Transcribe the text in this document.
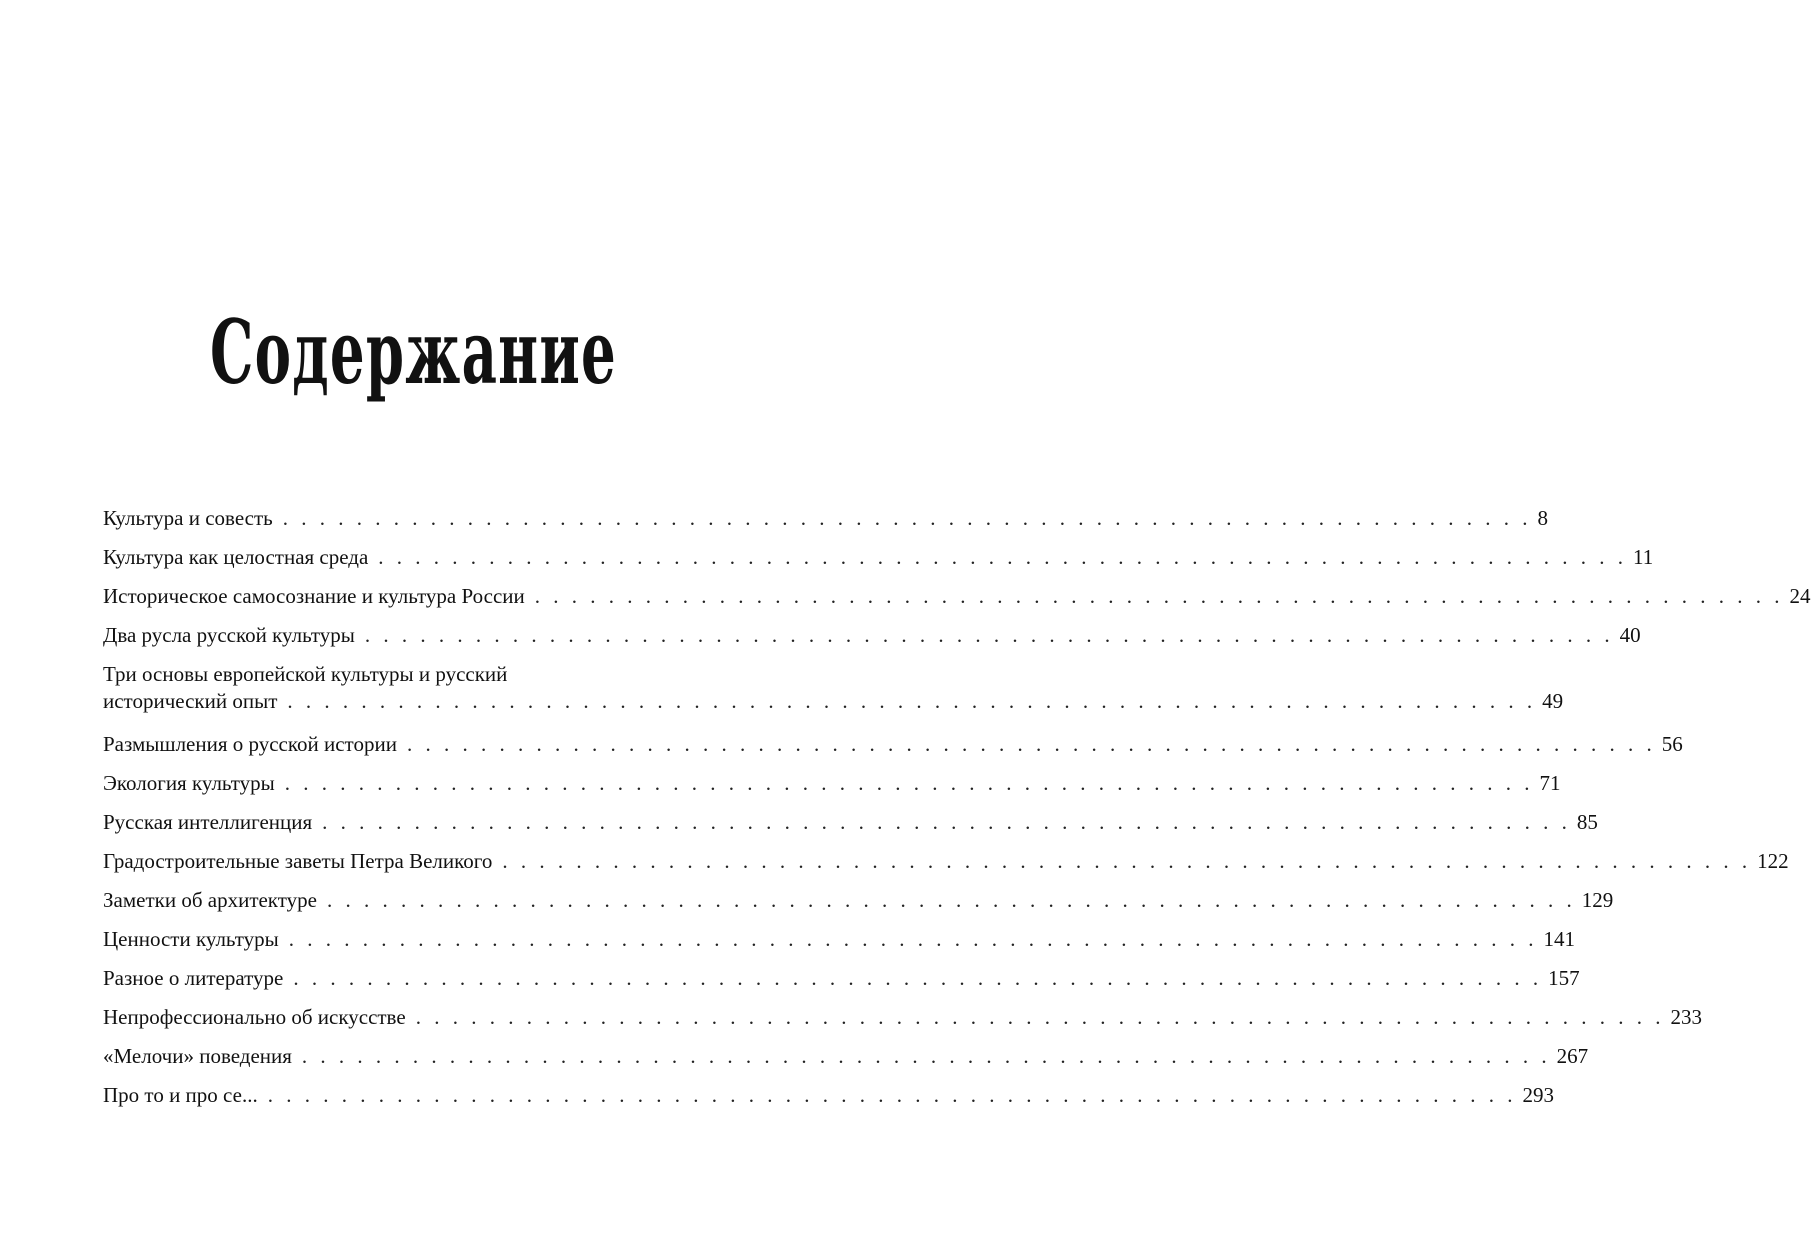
Содержание
Культура и совесть . . . . . . . . . . . . . . . . . . . . . . . . . . . . . . . . . . . . . . . . . . . . . . . . . . . . . . . . . . . . . . . . . . . . 8
Культура как целостная среда . . . . . . . . . . . . . . . . . . . . . . . . . . . . . . . . . . . . . . . . . . . . . . . . . . . . . . . . . . . . . . . . . . . . 11
Историческое самосознание и культура России . . . . . . . . . . . . . . . . . . . . . . . . . . . . . . . . . . . . . . . . . . . . . . . . . . . . . . . . . . . . . . . . . . . . 24
Два русла русской культуры . . . . . . . . . . . . . . . . . . . . . . . . . . . . . . . . . . . . . . . . . . . . . . . . . . . . . . . . . . . . . . . . . . . . 40
Три основы европейской культуры и русский
исторический опыт . . . . . . . . . . . . . . . . . . . . . . . . . . . . . . . . . . . . . . . . . . . . . . . . . . . . . . . . . . . . . . . . . . . . 49
Размышления о русской истории . . . . . . . . . . . . . . . . . . . . . . . . . . . . . . . . . . . . . . . . . . . . . . . . . . . . . . . . . . . . . . . . . . . . 56
Экология культуры . . . . . . . . . . . . . . . . . . . . . . . . . . . . . . . . . . . . . . . . . . . . . . . . . . . . . . . . . . . . . . . . . . . . 71
Русская интеллигенция . . . . . . . . . . . . . . . . . . . . . . . . . . . . . . . . . . . . . . . . . . . . . . . . . . . . . . . . . . . . . . . . . . . . 85
Градостроительные заветы Петра Великого . . . . . . . . . . . . . . . . . . . . . . . . . . . . . . . . . . . . . . . . . . . . . . . . . . . . . . . . . . . . . . . . . . . . 122
Заметки об архитектуре . . . . . . . . . . . . . . . . . . . . . . . . . . . . . . . . . . . . . . . . . . . . . . . . . . . . . . . . . . . . . . . . . . . . 129
Ценности культуры . . . . . . . . . . . . . . . . . . . . . . . . . . . . . . . . . . . . . . . . . . . . . . . . . . . . . . . . . . . . . . . . . . . . 141
Разное о литературе . . . . . . . . . . . . . . . . . . . . . . . . . . . . . . . . . . . . . . . . . . . . . . . . . . . . . . . . . . . . . . . . . . . . 157
Непрофессионально об искусстве . . . . . . . . . . . . . . . . . . . . . . . . . . . . . . . . . . . . . . . . . . . . . . . . . . . . . . . . . . . . . . . . . . . . 233
«Мелочи» поведения . . . . . . . . . . . . . . . . . . . . . . . . . . . . . . . . . . . . . . . . . . . . . . . . . . . . . . . . . . . . . . . . . . . . 267
Про то и про се... . . . . . . . . . . . . . . . . . . . . . . . . . . . . . . . . . . . . . . . . . . . . . . . . . . . . . . . . . . . . . . . . . . . . 293
